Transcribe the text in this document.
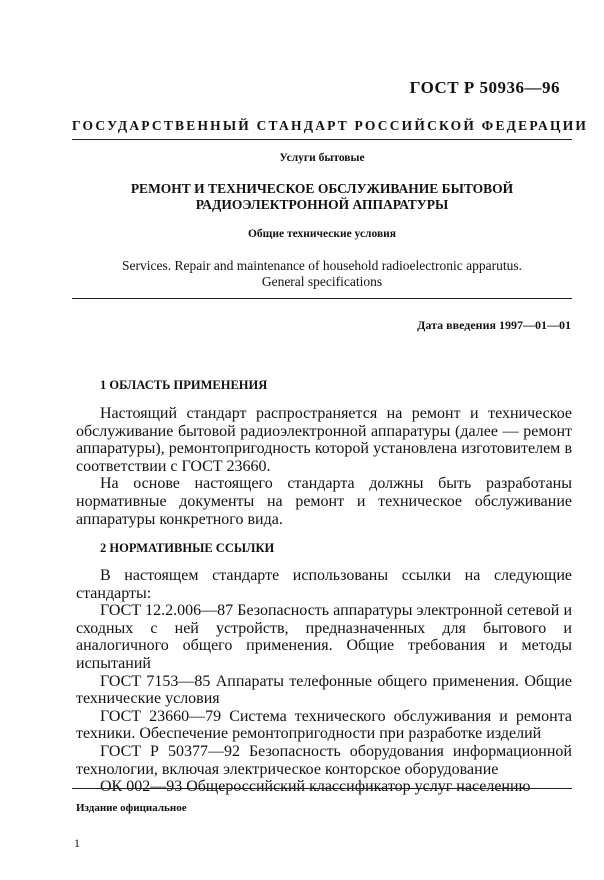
ГОСТ Р 50936—96
ГОСУДАРСТВЕННЫЙ СТАНДАРТ РОССИЙСКОЙ ФЕДЕРАЦИИ
Услуги бытовые
РЕМОНТ И ТЕХНИЧЕСКОЕ ОБСЛУЖИВАНИЕ БЫТОВОЙ
РАДИОЭЛЕКТРОННОЙ АППАРАТУРЫ
Общие технические условия
Services. Repair and maintenance of household radioelectronic apparutus.
General specifications
Дата введения 1997—01—01
1 ОБЛАСТЬ ПРИМЕНЕНИЯ

Настоящий стандарт распространяется на ремонт и техническое обслуживание бытовой радиоэлектронной аппаратуры (далее — ремонт аппаратуры), ремонтопригодность которой установлена изготовителем в соответствии с ГОСТ 23660.

На основе настоящего стандарта должны быть разработаны нормативные документы на ремонт и техническое обслуживание аппаратуры конкретного вида.

2 НОРМАТИВНЫЕ ССЫЛКИ

В настоящем стандарте использованы ссылки на следующие стандарты:

ГОСТ 12.2.006—87 Безопасность аппаратуры электронной сетевой и сходных с ней устройств, предназначенных для бытового и аналогичного общего применения. Общие требования и методы испытаний

ГОСТ 7153—85 Аппараты телефонные общего применения. Общие технические условия

ГОСТ 23660—79 Система технического обслуживания и ремонта техники. Обеспечение ремонтопригодности при разработке изделий

ГОСТ Р 50377—92 Безопасность оборудования информационной технологии, включая электрическое конторское оборудование

ОК 002—93 Общероссийский классификатор услуг населению

Издание официальное
1
